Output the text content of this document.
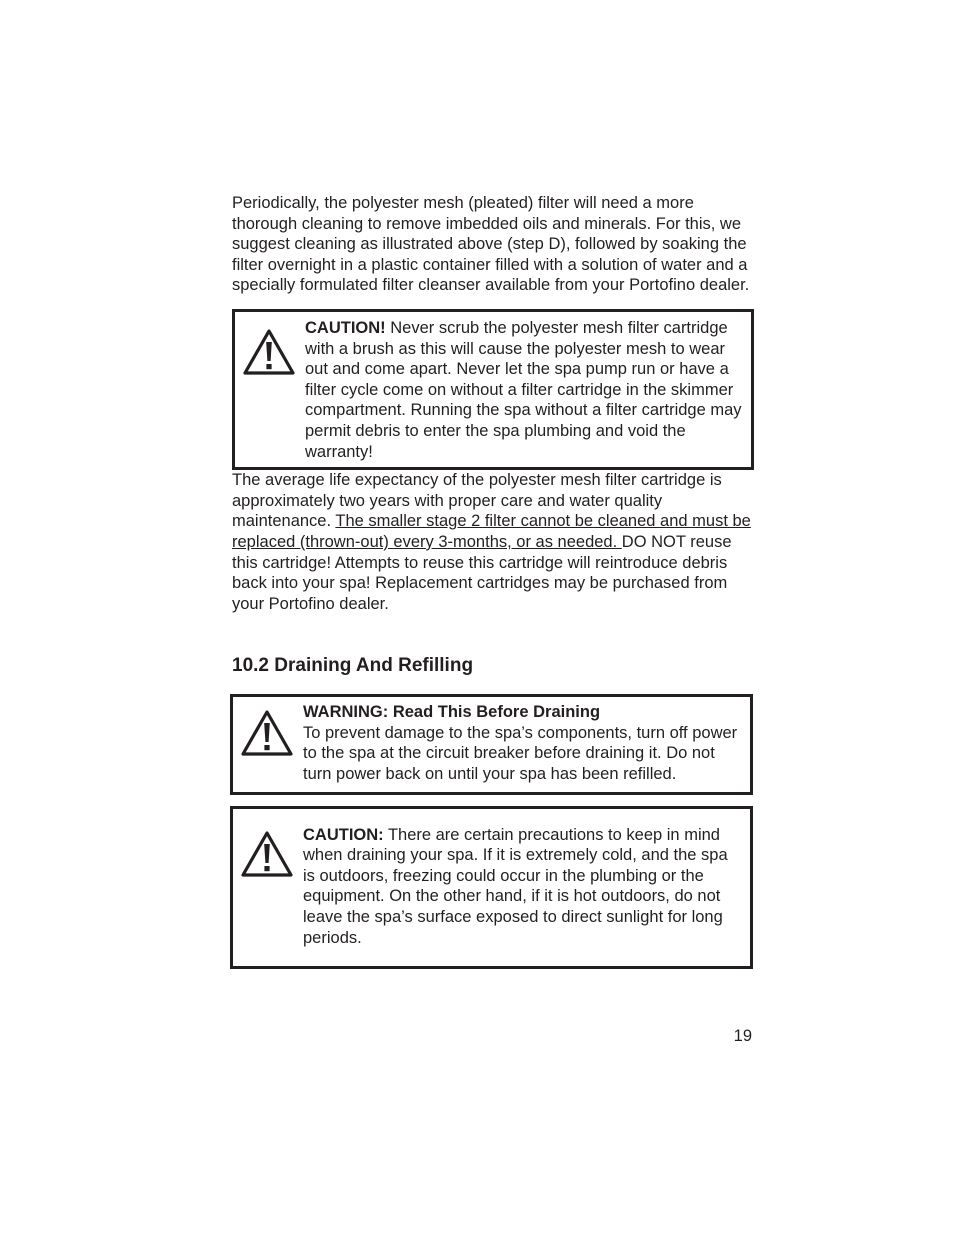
Periodically, the polyester mesh (pleated) filter will need a more thorough cleaning to remove imbedded oils and minerals. For this, we suggest cleaning as illustrated above (step D), followed by soaking the filter overnight in a plastic container filled with a solution of water and a specially formulated filter cleanser available from your Portofino dealer.

CAUTION! Never scrub the polyester mesh filter cartridge with a brush as this will cause the polyester mesh to wear out and come apart. Never let the spa pump run or have a filter cycle come on without a filter cartridge in the skimmer compartment. Running the spa without a filter cartridge may permit debris to enter the spa plumbing and void the warranty!

The average life expectancy of the polyester mesh filter cartridge is approximately two years with proper care and water quality maintenance. The smaller stage 2 filter cannot be cleaned and must be replaced (thrown-out) every 3-months, or as needed. DO NOT reuse this cartridge! Attempts to reuse this cartridge will reintroduce debris back into your spa! Replacement cartridges may be purchased from your Portofino dealer.

10.2 Draining And Refilling
WARNING: Read This Before Draining
To prevent damage to the spa’s components, turn off power to the spa at the circuit breaker before draining it. Do not turn power back on until your spa has been refilled.
CAUTION: There are certain precautions to keep in mind when draining your spa. If it is extremely cold, and the spa is outdoors, freezing could occur in the plumbing or the equipment. On the other hand, if it is hot outdoors, do not leave the spa’s surface exposed to direct sunlight for long periods.
19
